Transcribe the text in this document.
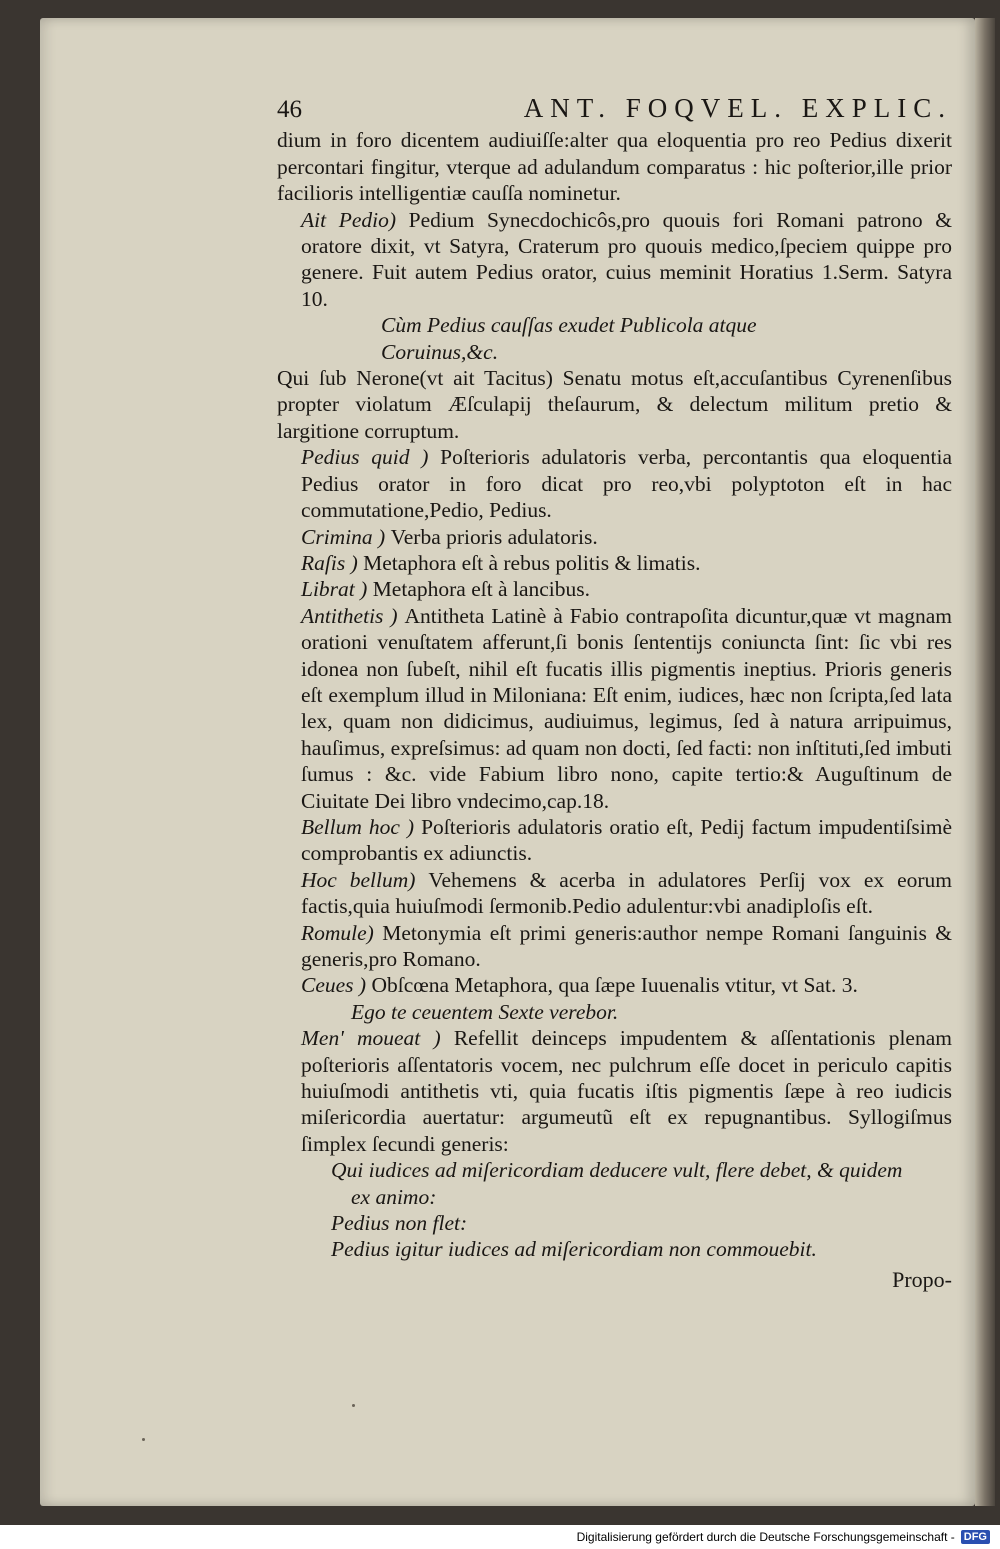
46	ANT. FOQVEL. EXPLIC.
dium in foro dicentem audiuiſſe:alter qua eloquentia pro reo Pedius dixerit percontari fingitur, vterque ad adulandum comparatus : hic poſterior,ille prior facilioris intelligentiæ cauſſa nominetur.
Ait Pedio) Pedium Synecdochicôs,pro quouis fori Romani patrono & oratore dixit, vt Satyra, Craterum pro quouis medico,ſpeciem quippe pro genere. Fuit autem Pedius orator, cuius meminit Horatius 1.Serm. Satyra 10.
Cùm Pedius cauſſas exudet Publicola atque
Coruinus,&c.
Qui ſub Nerone(vt ait Tacitus) Senatu motus eſt,accuſantibus Cyrenenſibus propter violatum Æſculapij theſaurum, & delectum militum pretio & largitione corruptum.
Pedius quid ) Poſterioris adulatoris verba, percontantis qua eloquentia Pedius orator in foro dicat pro reo,vbi polyptoton eſt in hac commutatione,Pedio, Pedius.
Crimina ) Verba prioris adulatoris.
Raſis ) Metaphora eſt à rebus politis & limatis.
Librat ) Metaphora eſt à lancibus.
Antithetis ) Antitheta Latinè à Fabio contrapoſita dicuntur,quæ vt magnam orationi venuſtatem afferunt,ſi bonis ſententijs coniuncta ſint: ſic vbi res idonea non ſubeſt, nihil eſt fucatis illis pigmentis ineptius. Prioris generis eſt exemplum illud in Miloniana: Eſt enim, iudices, hæc non ſcripta,ſed lata lex, quam non didicimus, audiuimus, legimus, ſed à natura arripuimus, hauſimus, expreſsimus: ad quam non docti, ſed facti: non inſtituti,ſed imbuti ſumus : &c. vide Fabium libro nono, capite tertio:& Auguſtinum de Ciuitate Dei libro vndecimo,cap.18.
Bellum hoc ) Poſterioris adulatoris oratio eſt, Pedij factum impudentiſsimè comprobantis ex adiunctis.
Hoc bellum) Vehemens & acerba in adulatores Perſij vox ex eorum factis,quia huiuſmodi ſermonib.Pedio adulentur:vbi anadiploſis eſt.
Romule) Metonymia eſt primi generis:author nempe Romani ſanguinis & generis,pro Romano.
Ceues ) Obſcœna Metaphora, qua ſæpe Iuuenalis vtitur, vt Sat. 3.
Ego te ceuentem Sexte verebor.
Men' moueat ) Refellit deinceps impudentem & aſſentationis plenam poſterioris aſſentatoris vocem, nec pulchrum eſſe docet in periculo capitis huiuſmodi antithetis vti, quia fucatis iſtis pigmentis ſæpe à reo iudicis miſericordia auertatur: argumeutũ eſt ex repugnantibus. Syllogiſmus ſimplex ſecundi generis:
Qui iudices ad miſericordiam deducere vult, flere debet, & quidem
ex animo:
Pedius non flet:
Pedius igitur iudices ad miſericordiam non commouebit.
Propo-
Digitalisierung gefördert durch die Deutsche Forschungsgemeinschaft - DFG
